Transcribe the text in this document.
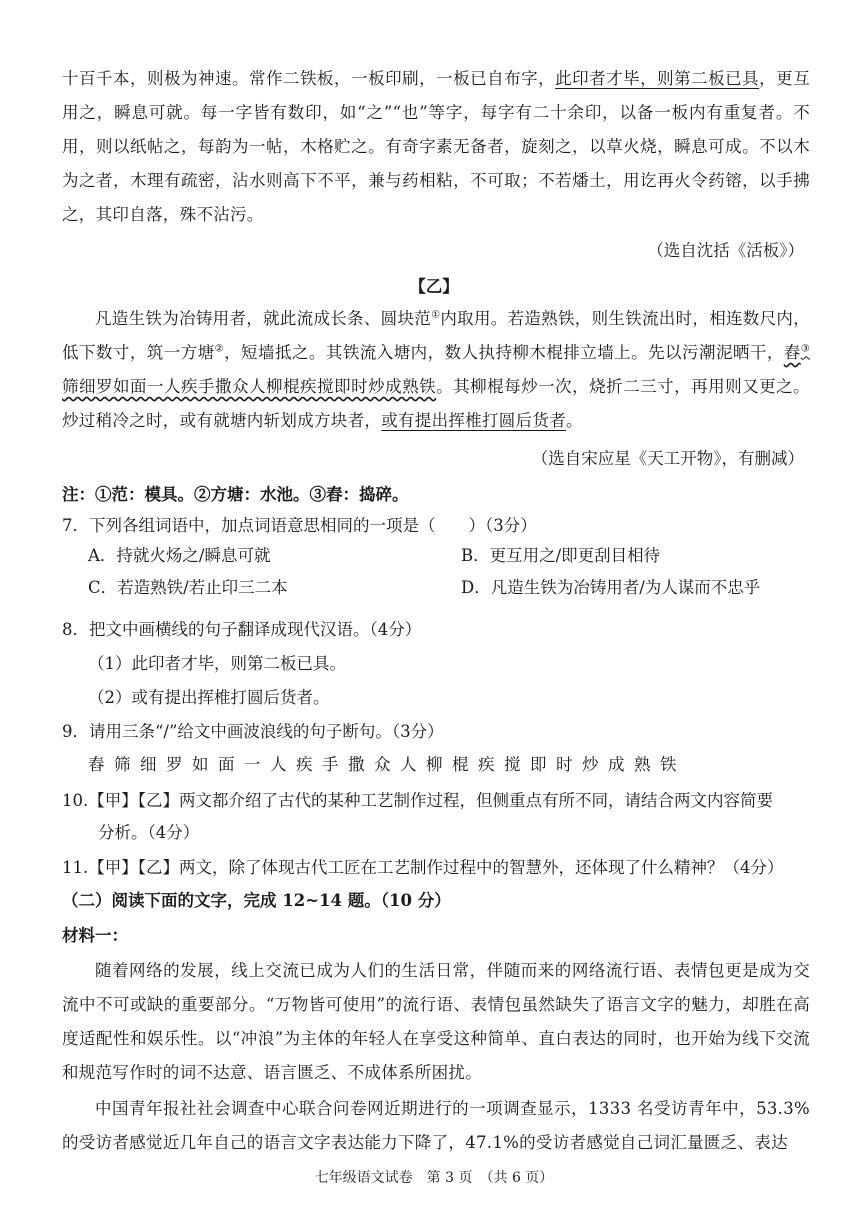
十百千本，则极为神速。常作二铁板，一板印刷，一板已自布字，此印者才毕，则第二板已具，更互用之，瞬息可就。每一字皆有数印，如“之”“也”等字，每字有二十余印，以备一板内有重复者。不用，则以纸帖之，每韵为一帖，木格贮之。有奇字素无备者，旋刻之，以草火烧，瞬息可成。不以木为之者，木理有疏密，沾水则高下不平，兼与药相粘，不可取；不若燔土，用讫再火令药镕，以手拂之，其印自落，殊不沾污。

（选自沈括《活板》）

【乙】

凡造生铁为冶铸用者，就此流成长条、圆块范①内取用。若造熟铁，则生铁流出时，相连数尺内，低下数寸，筑一方塘②，短墙抵之。其铁流入塘内，数人执持柳木棍排立墙上。先以污潮泥晒干，舂③筛细罗如面一人疾手撒众人柳棍疾搅即时炒成熟铁。其柳棍每炒一次，烧折二三寸，再用则又更之。炒过稍冷之时，或有就塘内斩划成方块者，或有提出挥椎打圆后货者。

（选自宋应星《天工开物》，有删减）

注：①范：模具。②方塘：水池。③舂：捣碎。

7．下列各组词语中，加点词语意思相同的一项是（　　）（3分）

A．持就火炀之/瞬息可就	B．更互用之/即更刮目相待

C．若造熟铁/若止印三二本	D．凡造生铁为冶铸用者/为人谋而不忠乎

8．把文中画横线的句子翻译成现代汉语。（4分）

（1）此印者才毕，则第二板已具。

（2）或有提出挥椎打圆后货者。

9．请用三条“/”给文中画波浪线的句子断句。（3分）

舂筛细罗如面一人疾手撒众人柳棍疾搅即时炒成熟铁

10.【甲】【乙】两文都介绍了古代的某种工艺制作过程，但侧重点有所不同，请结合两文内容简要

分析。（4分）

11.【甲】【乙】两文，除了体现古代工匠在工艺制作过程中的智慧外，还体现了什么精神？（4分）

（二）阅读下面的文字，完成 12~14 题。（10 分）

材料一：

随着网络的发展，线上交流已成为人们的生活日常，伴随而来的网络流行语、表情包更是成为交流中不可或缺的重要部分。“万物皆可使用”的流行语、表情包虽然缺失了语言文字的魅力，却胜在高度适配性和娱乐性。以“冲浪”为主体的年轻人在享受这种简单、直白表达的同时，也开始为线下交流和规范写作时的词不达意、语言匮乏、不成体系所困扰。

中国青年报社社会调查中心联合问卷网近期进行的一项调查显示，1333 名受访青年中，53.3%的受访者感觉近几年自己的语言文字表达能力下降了，47.1%的受访者感觉自己词汇量匮乏、表达

七年级语文试卷　第 3 页　（共 6 页）
